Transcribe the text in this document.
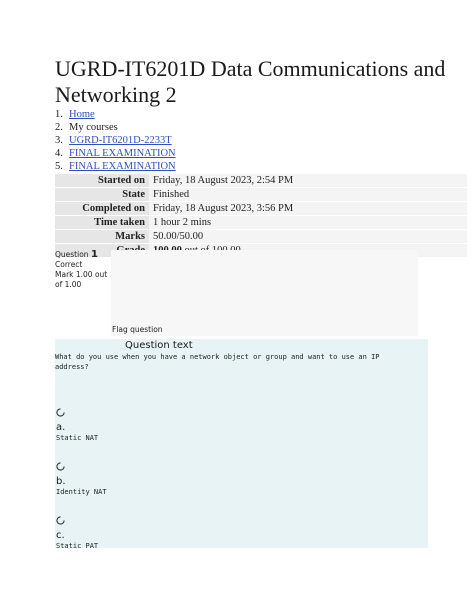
UGRD-IT6201D Data Communications and Networking 2
1. Home
2. My courses
3. UGRD-IT6201D-2233T
4. FINAL EXAMINATION
5. FINAL EXAMINATION
Started on	Friday, 18 August 2023, 2:54 PM
State	Finished
Completed on	Friday, 18 August 2023, 3:56 PM
Time taken	1 hour 2 mins
Marks	50.00/50.00

Question 1
Correct
Mark 1.00 out of 1.00
Flag question
Question text

What do you use when you have a network object or group and want to use an IP address?

a.
Static NAT
b.
Identity NAT
c.
Static PAT
